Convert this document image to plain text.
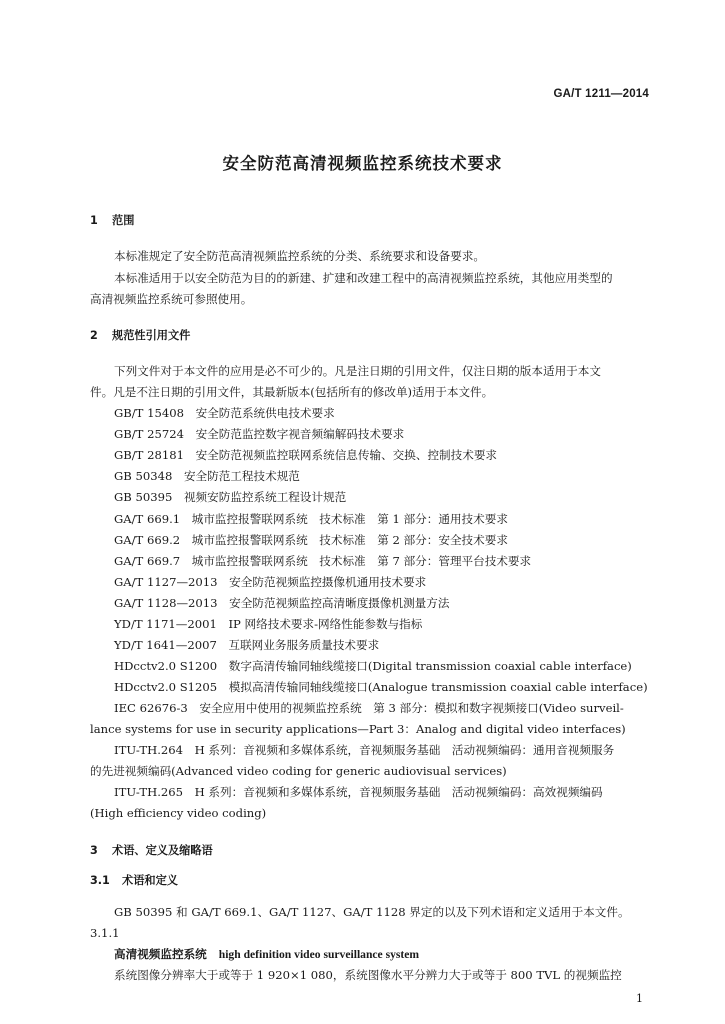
GA/T 1211—2014
安全防范高清视频监控系统技术要求
1 范围
本标准规定了安全防范高清视频监控系统的分类、系统要求和设备要求。
本标准适用于以安全防范为目的的新建、扩建和改建工程中的高清视频监控系统，其他应用类型的
高清视频监控系统可参照使用。
2 规范性引用文件
下列文件对于本文件的应用是必不可少的。凡是注日期的引用文件，仅注日期的版本适用于本文
件。凡是不注日期的引用文件，其最新版本(包括所有的修改单)适用于本文件。
GB/T 15408　安全防范系统供电技术要求
GB/T 25724　安全防范监控数字视音频编解码技术要求
GB/T 28181　安全防范视频监控联网系统信息传输、交换、控制技术要求
GB 50348　安全防范工程技术规范
GB 50395　视频安防监控系统工程设计规范
GA/T 669.1　城市监控报警联网系统　技术标准　第 1 部分：通用技术要求
GA/T 669.2　城市监控报警联网系统　技术标准　第 2 部分：安全技术要求
GA/T 669.7　城市监控报警联网系统　技术标准　第 7 部分：管理平台技术要求
GA/T 1127—2013　安全防范视频监控摄像机通用技术要求
GA/T 1128—2013　安全防范视频监控高清晰度摄像机测量方法
YD/T 1171—2001　IP 网络技术要求-网络性能参数与指标
YD/T 1641—2007　互联网业务服务质量技术要求
HDcctv2.0 S1200　数字高清传输同轴线缆接口(Digital transmission coaxial cable interface)
HDcctv2.0 S1205　模拟高清传输同轴线缆接口(Analogue transmission coaxial cable interface)
IEC 62676-3　安全应用中使用的视频监控系统　第 3 部分：模拟和数字视频接口(Video surveil-
lance systems for use in security applications—Part 3：Analog and digital video interfaces)
ITU-TH.264　H 系列：音视频和多媒体系统，音视频服务基础　活动视频编码：通用音视频服务
的先进视频编码(Advanced video coding for generic audiovisual services)
ITU-TH.265　H 系列：音视频和多媒体系统，音视频服务基础　活动视频编码：高效视频编码
(High efficiency video coding)
3 术语、定义及缩略语
3.1 术语和定义
GB 50395 和 GA/T 669.1、GA/T 1127、GA/T 1128 界定的以及下列术语和定义适用于本文件。
3.1.1
高清视频监控系统 high definition video surveillance system
系统图像分辨率大于或等于 1 920×1 080，系统图像水平分辨力大于或等于 800 TVL 的视频监控
1
